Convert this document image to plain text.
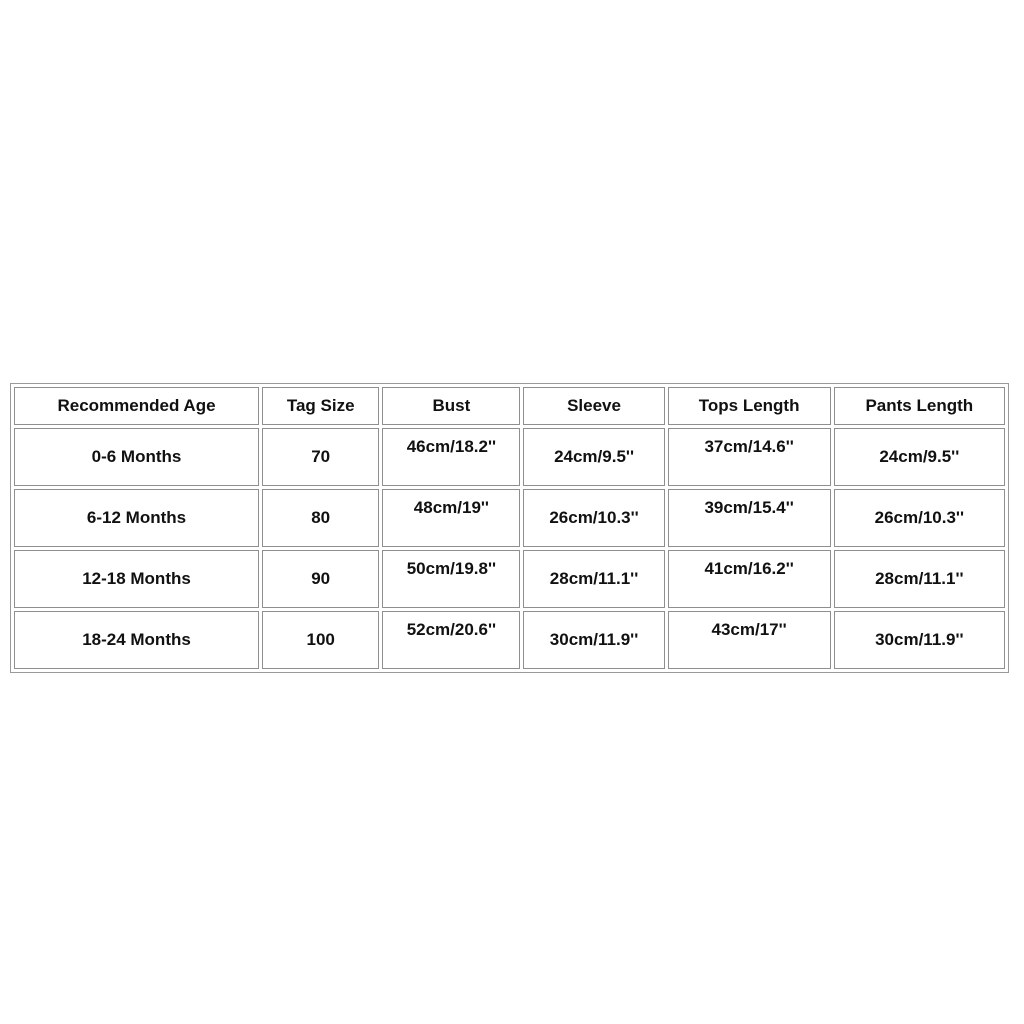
Recommended Age	Tag Size	Bust	Sleeve	Tops Length	Pants Length
0-6 Months	70	46cm/18.2''	24cm/9.5''	37cm/14.6''	24cm/9.5''
6-12 Months	80	48cm/19''	26cm/10.3''	39cm/15.4''	26cm/10.3''
12-18 Months	90	50cm/19.8''	28cm/11.1''	41cm/16.2''	28cm/11.1''
18-24 Months	100	52cm/20.6''	30cm/11.9''	43cm/17''	30cm/11.9''
